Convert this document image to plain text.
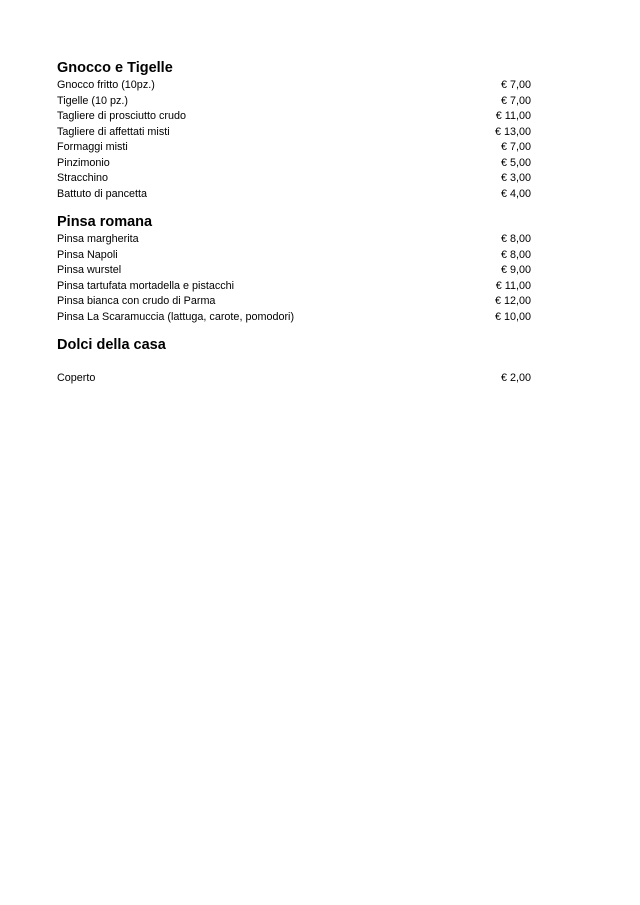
Gnocco e Tigelle
Gnocco fritto (10pz.)	€ 7,00
Tigelle (10 pz.)	€ 7,00
Tagliere di prosciutto crudo	€ 11,00
Tagliere di affettati misti	€ 13,00
Formaggi misti	€ 7,00
Pinzimonio	€ 5,00
Stracchino	€ 3,00
Battuto di pancetta	€ 4,00
Pinsa romana
Pinsa margherita	€ 8,00
Pinsa Napoli	€ 8,00
Pinsa wurstel	€ 9,00
Pinsa tartufata mortadella e pistacchi	€ 11,00
Pinsa bianca con crudo di Parma	€ 12,00
Pinsa La Scaramuccia (lattuga, carote, pomodori)	€ 10,00
Dolci della casa
Coperto	€ 2,00
